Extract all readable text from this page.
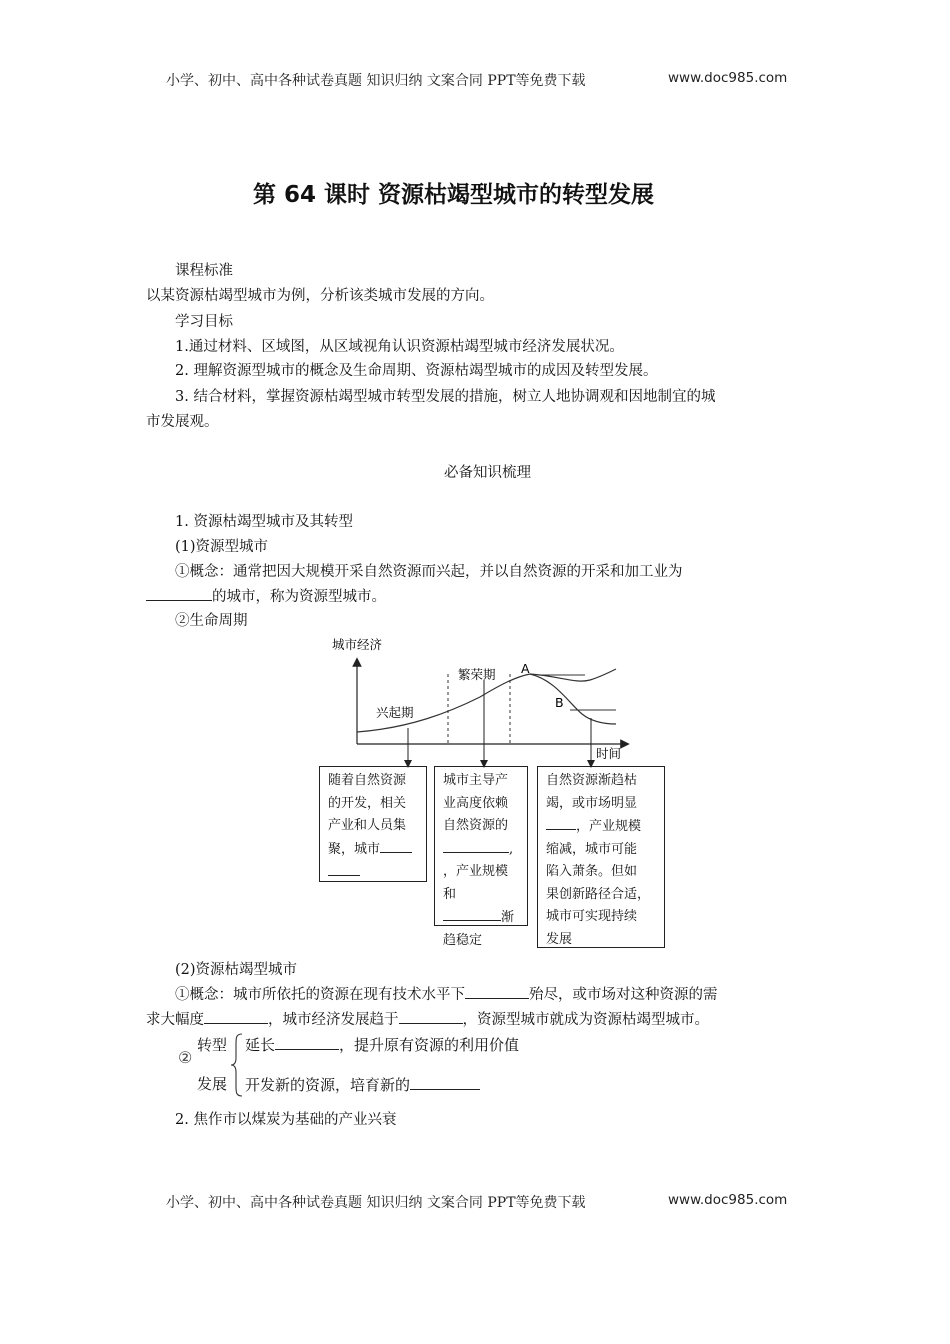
小学、初中、高中各种试卷真题 知识归纳 文案合同 PPT等免费下载	www.doc985.com
第 64 课时 资源枯竭型城市的转型发展
课程标准
以某资源枯竭型城市为例，分析该类城市发展的方向。
学习目标
1.通过材料、区域图，从区域视角认识资源枯竭型城市经济发展状况。
2. 理解资源型城市的概念及生命周期、资源枯竭型城市的成因及转型发展。
3. 结合材料，掌握资源枯竭型城市转型发展的措施，树立人地协调观和因地制宜的城
市发展观。
必备知识梳理
1. 资源枯竭型城市及其转型
(1)资源型城市
①概念：通常把因大规模开采自然资源而兴起，并以自然资源的开采和加工业为
的城市，称为资源型城市。
②生命周期
城市经济
时间
繁荣期
兴起期
A
B
随着自然资源
的开发，相关
产业和人员集
聚，城市
城市主导产
业高度依赖
自然资源的
,
，产业规模和
渐
趋稳定
自然资源渐趋枯
竭，或市场明显
，产业规模
缩减，城市可能
陷入萧条。但如
果创新路径合适，
城市可实现持续
发展
(2)资源枯竭型城市
①概念：城市所依托的资源在现有技术水平下	殆尽，或市场对这种资源的需
求大幅度	，城市经济发展趋于	，资源型城市就成为资源枯竭型城市。
②
转型
发展
延长	，提升原有资源的利用价值
开发新的资源，培育新的
2. 焦作市以煤炭为基础的产业兴衰
小学、初中、高中各种试卷真题 知识归纳 文案合同 PPT等免费下载	www.doc985.com
